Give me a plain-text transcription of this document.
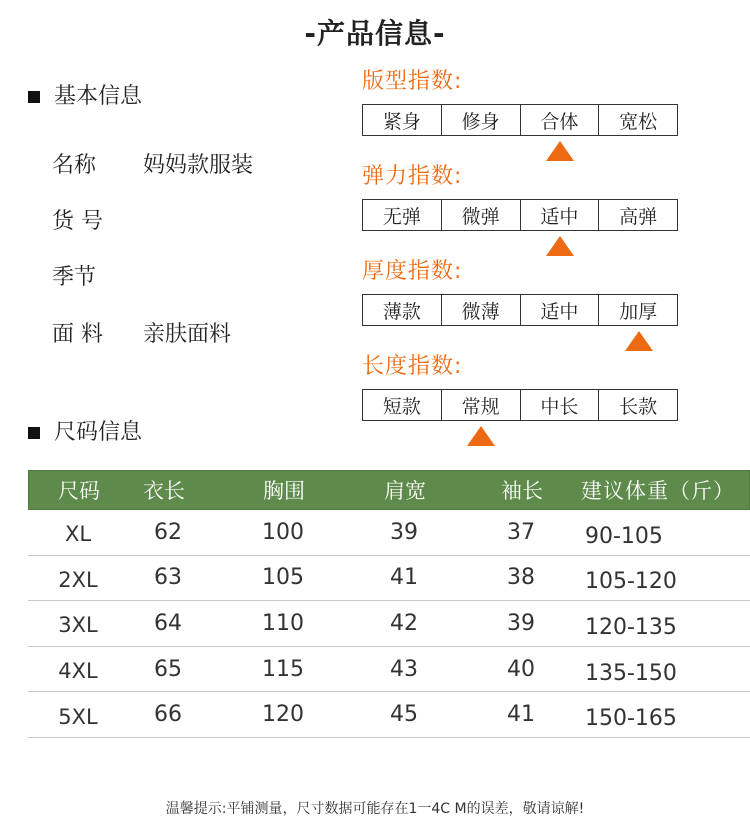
-产品信息-
基本信息
名称 妈妈款服装
货 号
季节
面 料 亲肤面料
版型指数:
紧身	修身	合体	宽松
弹力指数:
无弹	微弹	适中	高弹
厚度指数:
薄款	微薄	适中	加厚
长度指数:
短款	常规	中长	长款
尺码信息
尺码	衣长	胸围	肩宽	袖长	建议体重（斤）
XL	62	100	39	37	90-105
2XL	63	105	41	38	105-120
3XL	64	110	42	39	120-135
4XL	65	115	43	40	135-150
5XL	66	120	45	41	150-165
温馨提示:平铺测量，尺寸数据可能存在1一4C M的误差，敬请谅解!
